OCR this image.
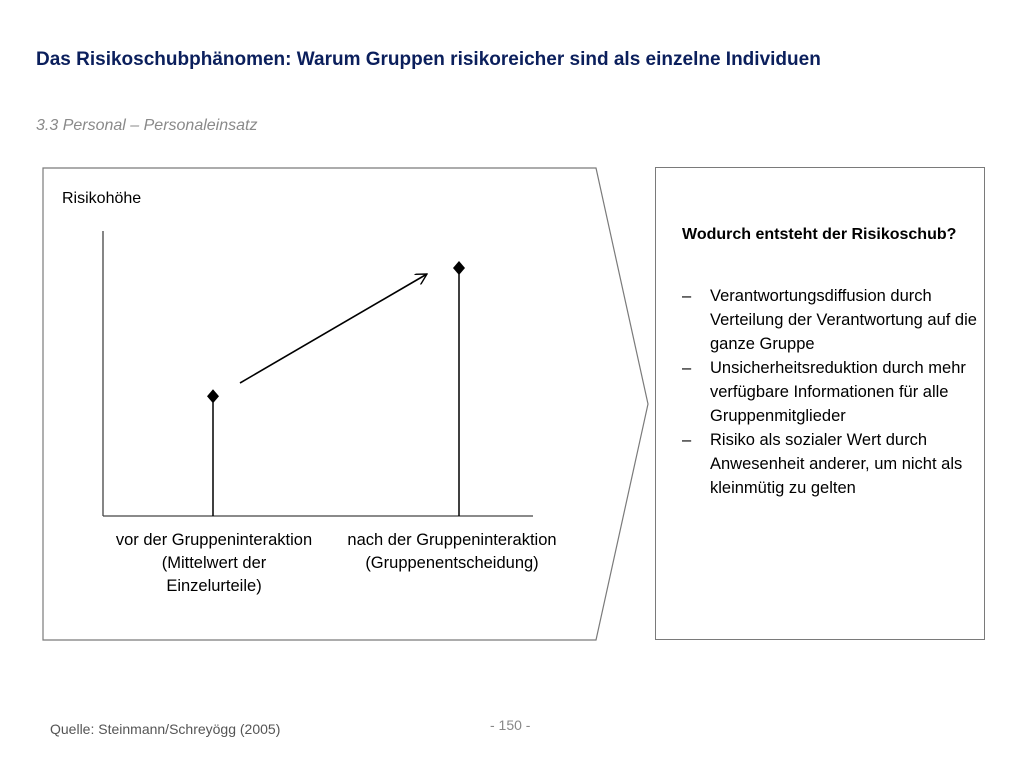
Das Risikoschubphänomen: Warum Gruppen risikoreicher sind als einzelne Individuen
3.3 Personal – Personaleinsatz
Risikohöhe
vor der Gruppeninteraktion (Mittelwert der Einzelurteile)
nach der Gruppeninteraktion (Gruppenentscheidung)
Wodurch entsteht der Risikoschub?
– Verantwortungsdiffusion durch Verteilung der Verantwortung auf die ganze Gruppe
– Unsicherheitsreduktion durch mehr verfügbare Informationen für alle Gruppenmitglieder
– Risiko als sozialer Wert durch Anwesenheit anderer, um nicht als kleinmütig zu gelten
Quelle: Steinmann/Schreyögg (2005)	- 150 -
